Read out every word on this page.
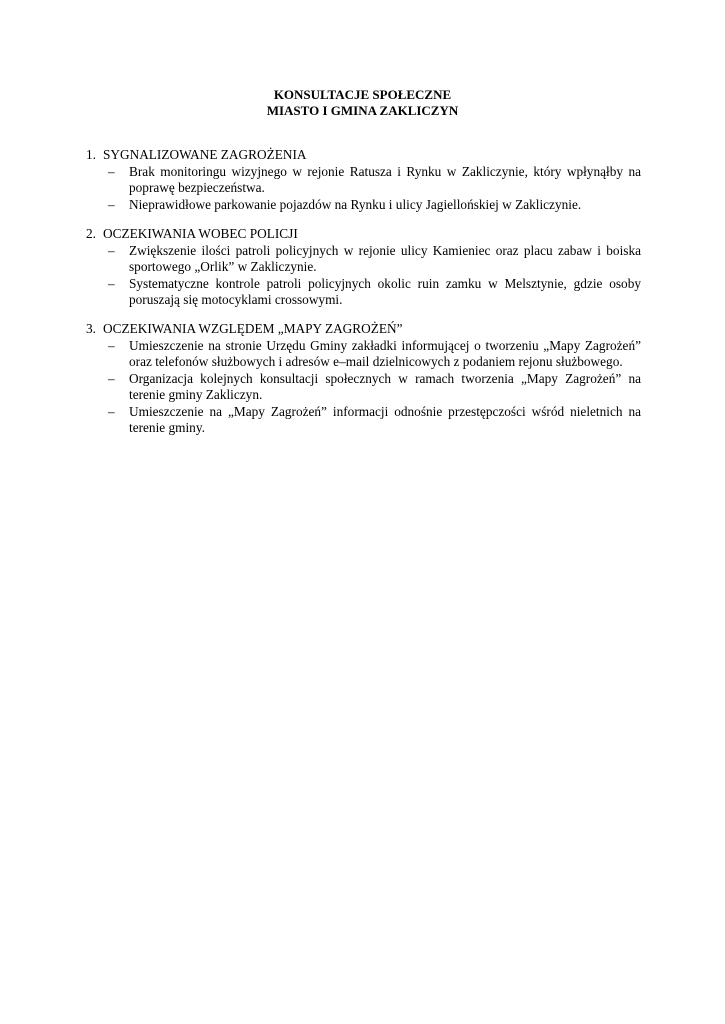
KONSULTACJE SPOŁECZNE
MIASTO I GMINA ZAKLICZYN
1. SYGNALIZOWANE ZAGROŻENIA
– Brak monitoringu wizyjnego w rejonie Ratusza i Rynku w Zakliczynie, który wpłynąłby na poprawę bezpieczeństwa.
– Nieprawidłowe parkowanie pojazdów na Rynku i ulicy Jagiellońskiej w Zakliczynie.
2. OCZEKIWANIA WOBEC POLICJI
– Zwiększenie ilości patroli policyjnych w rejonie ulicy Kamieniec oraz placu zabaw i boiska sportowego „Orlik” w Zakliczynie.
– Systematyczne kontrole patroli policyjnych okolic ruin zamku w Melsztynie, gdzie osoby poruszają się motocyklami crossowymi.
3. OCZEKIWANIA WZGLĘDEM „MAPY ZAGROŻEŃ”
– Umieszczenie na stronie Urzędu Gminy zakładki informującej o tworzeniu „Mapy Zagrożeń” oraz telefonów służbowych i adresów e–mail dzielnicowych z podaniem rejonu służbowego.
– Organizacja kolejnych konsultacji społecznych w ramach tworzenia „Mapy Zagrożeń” na terenie gminy Zakliczyn.
– Umieszczenie na „Mapy Zagrożeń” informacji odnośnie przestępczości wśród nieletnich na terenie gminy.
